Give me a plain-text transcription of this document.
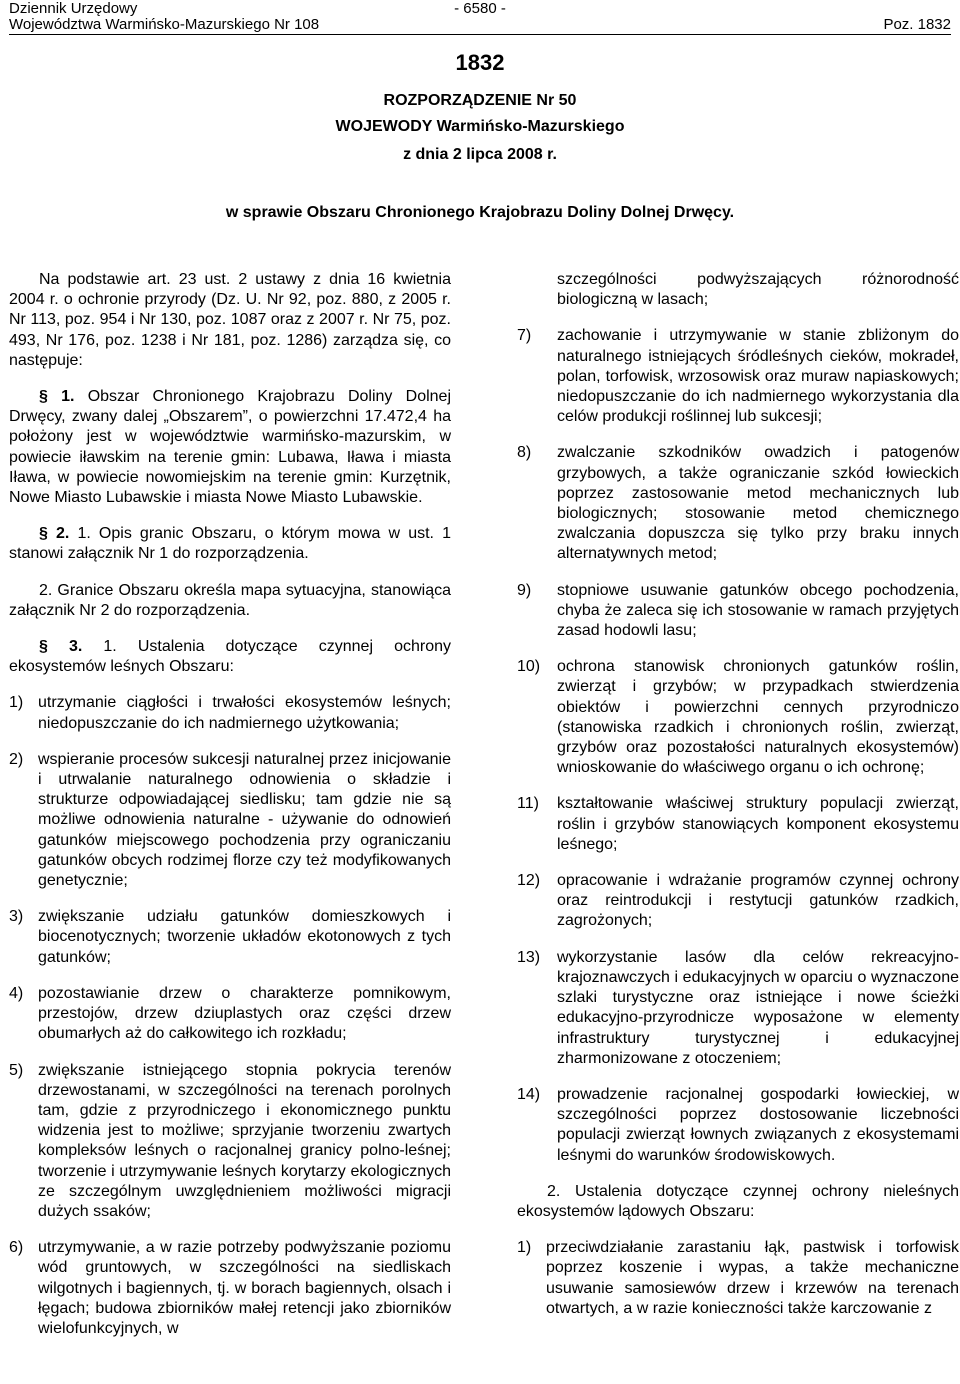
Dziennik Urzędowy
Województwa Warmińsko-Mazurskiego Nr 108
- 6580 -
Poz. 1832
1832
ROZPORZĄDZENIE Nr 50
WOJEWODY Warmińsko-Mazurskiego
z dnia 2 lipca 2008 r.
w sprawie Obszaru Chronionego Krajobrazu Doliny Dolnej Drwęcy.

Na podstawie art. 23 ust. 2 ustawy z dnia 16 kwietnia 2004 r. o ochronie przyrody (Dz. U. Nr 92, poz. 880, z 2005 r. Nr 113, poz. 954 i Nr 130, poz. 1087 oraz z 2007 r. Nr 75, poz. 493, Nr 176, poz. 1238 i Nr 181, poz. 1286) zarządza się, co następuje:

§ 1. Obszar Chronionego Krajobrazu Doliny Dolnej Drwęcy, zwany dalej „Obszarem”, o powierzchni 17.472,4 ha położony jest w województwie warmińsko-mazurskim, w powiecie iławskim na terenie gmin: Lubawa, Iława i miasta Iława, w powiecie nowomiejskim na terenie gmin: Kurzętnik, Nowe Miasto Lubawskie i miasta Nowe Miasto Lubawskie.

§ 2. 1. Opis granic Obszaru, o którym mowa w ust. 1 stanowi załącznik Nr 1 do rozporządzenia.

2. Granice Obszaru określa mapa sytuacyjna, stanowiąca załącznik Nr 2 do rozporządzenia.

§ 3. 1. Ustalenia dotyczące czynnej ochrony ekosystemów leśnych Obszaru:

1) utrzymanie ciągłości i trwałości ekosystemów leśnych; niedopuszczanie do ich nadmiernego użytkowania;
2) wspieranie procesów sukcesji naturalnej przez inicjowanie i utrwalanie naturalnego odnowienia o składzie i strukturze odpowiadającej siedlisku; tam gdzie nie są możliwe odnowienia naturalne - używanie do odnowień gatunków miejscowego pochodzenia przy ograniczaniu gatunków obcych rodzimej florze czy też modyfikowanych genetycznie;
3) zwiększanie udziału gatunków domieszkowych i biocenotycznych; tworzenie układów ekotonowych z tych gatunków;
4) pozostawianie drzew o charakterze pomnikowym, przestojów, drzew dziuplastych oraz części drzew obumarłych aż do całkowitego ich rozkładu;
5) zwiększanie istniejącego stopnia pokrycia terenów drzewostanami, w szczególności na terenach porolnych tam, gdzie z przyrodniczego i ekonomicznego punktu widzenia jest to możliwe; sprzyjanie tworzeniu zwartych kompleksów leśnych o racjonalnej granicy polno-leśnej; tworzenie i utrzymywanie leśnych korytarzy ekologicznych ze szczególnym uwzględnieniem możliwości migracji dużych ssaków;
6) utrzymywanie, a w razie potrzeby podwyższanie poziomu wód gruntowych, w szczególności na siedliskach wilgotnych i bagiennych, tj. w borach bagiennych, olsach i łęgach; budowa zbiorników małej retencji jako zbiorników wielofunkcyjnych, w
szczególności podwyższających różnorodność biologiczną w lasach;
7)	zachowanie i utrzymywanie w stanie zbliżonym do naturalnego istniejących śródleśnych cieków, mokradeł, polan, torfowisk, wrzosowisk oraz muraw napiaskowych; niedopuszczanie do ich nadmiernego wykorzystania dla celów produkcji roślinnej lub sukcesji;
8)	zwalczanie szkodników owadzich i patogenów grzybowych, a także ograniczanie szkód łowieckich poprzez zastosowanie metod mechanicznych lub biologicznych; stosowanie metod chemicznego zwalczania dopuszcza się tylko przy braku innych alternatywnych metod;
9)	stopniowe usuwanie gatunków obcego pochodzenia, chyba że zaleca się ich stosowanie w ramach przyjętych zasad hodowli lasu;
10)	ochrona stanowisk chronionych gatunków roślin, zwierząt i grzybów; w przypadkach stwierdzenia obiektów i powierzchni cennych przyrodniczo (stanowiska rzadkich i chronionych roślin, zwierząt, grzybów oraz pozostałości naturalnych ekosystemów) wnioskowanie do właściwego organu o ich ochronę;
11)	kształtowanie właściwej struktury populacji zwierząt, roślin i grzybów stanowiących komponent ekosystemu leśnego;
12)	opracowanie i wdrażanie programów czynnej ochrony oraz reintrodukcji i restytucji gatunków rzadkich, zagrożonych;
13)	wykorzystanie lasów dla celów rekreacyjno-krajoznawczych i edukacyjnych w oparciu o wyznaczone szlaki turystyczne oraz istniejące i nowe ścieżki edukacyjno-przyrodnicze wyposażone w elementy infrastruktury turystycznej i edukacyjnej zharmonizowane z otoczeniem;
14)	prowadzenie racjonalnej gospodarki łowieckiej, w szczególności poprzez dostosowanie liczebności populacji zwierząt łownych związanych z ekosystemami leśnymi do warunków środowiskowych.

2. Ustalenia dotyczące czynnej ochrony nieleśnych ekosystemów lądowych Obszaru:

1) przeciwdziałanie zarastaniu łąk, pastwisk i torfowisk poprzez koszenie i wypas, a także mechaniczne usuwanie samosiewów drzew i krzewów na terenach otwartych, a w razie konieczności także karczowanie z
